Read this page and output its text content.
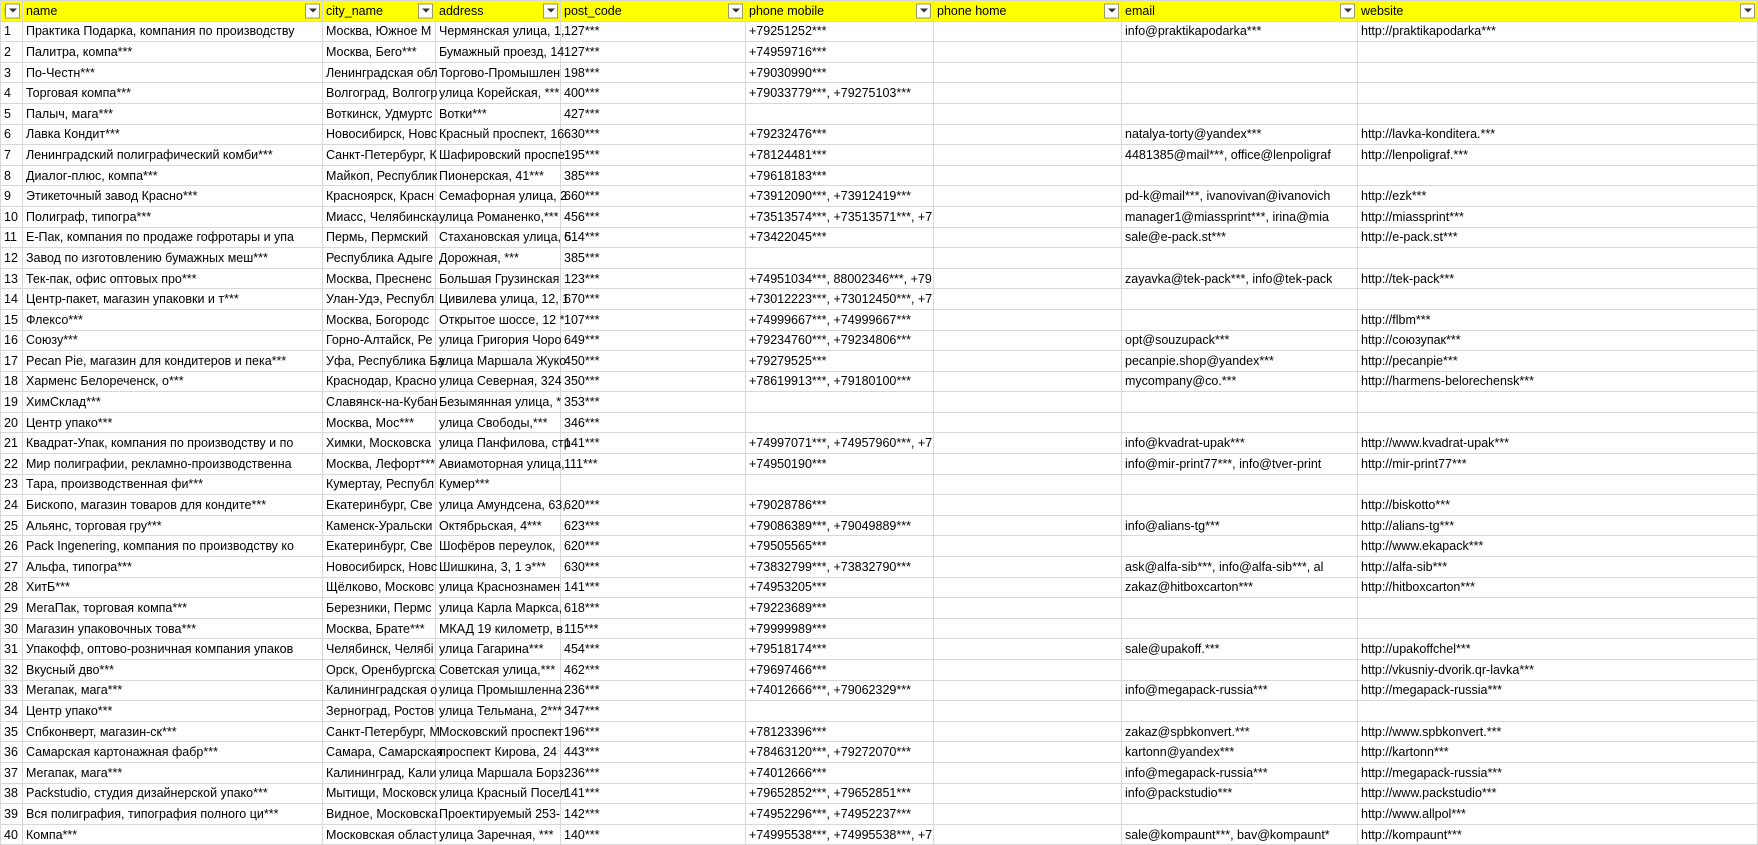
	name	city_name	address	post_code	phone mobile	phone home	email	website

1	Практика Подарка, компания по производству	Москва, Южное М	Чермянская улица, 1,	127***	+79251252***		info@praktikapodarka***	http://praktikapodarka***
2	Палитра, компа***	Москва, Бего***	Бумажный проезд, 14	127***	+74959716***			
3	По-Честн***	Ленинградская обл	Торгово-Промышлен	198***	+79030990***			
4	Торговая компа***	Волгоград, Волгогр	улица Корейская, ***	400***	+79033779***, +79275103***			
5	Палыч, мага***	Воткинск, Удмуртс	Вотки***	427***				
6	Лавка Кондит***	Новосибирск, Новс	Красный проспект, 16	630***	+79232476***		natalya-torty@yandex***	http://lavka-konditera.***
7	Ленинградский полиграфический комби***	Санкт-Петербург, К	Шафировский проспе	195***	+78124481***		4481385@mail***, office@lenpoligraf	http://lenpoligraf.***
8	Диалог-плюс, компа***	Майкоп, Республик	Пионерская, 41***	385***	+79618183***			
9	Этикеточный завод Красно***	Красноярск, Красн	Семафорная улица, 2	660***	+73912090***, +73912419***		pd-k@mail***, ivanovivan@ivanovich	http://ezk***
10	Полиграф, типогра***	Миасс, Челябинска	улица Романенко,***	456***	+73513574***, +73513571***, +7		manager1@miassprint***, irina@mia	http://miassprint***
11	Е-Пак, компания по продаже гофротары и упа	Пермь, Пермский	Стахановская улица, 5	614***	+73422045***		sale@e-pack.st***	http://e-pack.st***
12	Завод по изготовлению бумажных меш***	Республика Адыге	Дорожная, ***	385***				
13	Тек-пак, офис оптовых про***	Москва, Пресненс	Большая Грузинская	123***	+74951034***, 88002346***, +79		zayavka@tek-pack***, info@tek-pack	http://tek-pack***
14	Центр-пакет, магазин упаковки и т***	Улан-Удэ, Республ	Цивилева улица, 12, 1	670***	+73012223***, +73012450***, +7			
15	Флексо***	Москва, Богородс	Открытое шоссе, 12 *	107***	+74999667***, +74999667***			http://flbm***
16	Союзу***	Горно-Алтайск, Ре	улица Григория Чоро	649***	+79234760***, +79234806***		opt@souzupack***	http://союзупак***
17	Pecan Pie, магазин для кондитеров и пека***	Уфа, Республика Ба	улица Маршала Жуко	450***	+79279525***		pecanpie.shop@yandex***	http://pecanpie***
18	Харменс Белореченск, о***	Краснодар, Красно	улица Северная, 324	350***	+78619913***, +79180100***		mycompany@co.***	http://harmens-belorechensk***
19	ХимСклад***	Славянск-на-Кубан	Безымянная улица, *	353***				
20	Центр упако***	Москва, Мос***	улица Свободы,***	346***				
21	Квадрат-Упак, компания по производству и по	Химки, Московска	улица Панфилова, стр	141***	+74997071***, +74957960***, +7		info@kvadrat-upak***	http://www.kvadrat-upak***
22	Мир полиграфии, рекламно-производственна	Москва, Лефорт***	Авиамоторная улица,	111***	+74950190***		info@mir-print77***, info@tver-print	http://mir-print77***
23	Тара, производственная фи***	Кумертау, Республ	Кумер***					
24	Бископо, магазин товаров для кондите***	Екатеринбург, Све	улица Амундсена, 63,	620***	+79028786***			http://biskotto***
25	Альянс, торговая гру***	Каменск-Уральски	Октябрьская, 4***	623***	+79086389***, +79049889***		info@alians-tg***	http://alians-tg***
26	Pack Ingenering, компания по производству ко	Екатеринбург, Све	Шофёров переулок,	620***	+79505565***			http://www.ekapack***
27	Альфа, типогра***	Новосибирск, Новс	Шишкина, 3, 1 э***	630***	+73832799***, +73832790***		ask@alfa-sib***, info@alfa-sib***, al	http://alfa-sib***
28	ХитБ***	Щёлково, Московс	улица Краснознамен	141***	+74953205***		zakaz@hitboxcarton***	http://hitboxcarton***
29	МегаПак, торговая компа***	Березники, Пермс	улица Карла Маркса,	618***	+79223689***			
30	Магазин упаковочных това***	Москва, Брате***	МКАД 19 километр, в	115***	+79999989***			
31	Упакофф, оптово-розничная компания упаков	Челябинск, Челябі	улица Гагарина***	454***	+79518174***		sale@upakoff.***	http://upakoffchel***
32	Вкусный дво***	Орск, Оренбургска	Советская улица,***	462***	+79697466***			http://vkusniy-dvorik.qr-lavka***
33	Мегапак, мага***	Калининградская о	улица Промышленна	236***	+74012666***, +79062329***		info@megapack-russia***	http://megapack-russia***
34	Центр упако***	Зерноград, Ростов	улица Тельмана, 2***	347***				
35	Спбконверт, магазин-ск***	Санкт-Петербург, М	Московский проспект	196***	+78123396***		zakaz@spbkonvert.***	http://www.spbkonvert.***
36	Самарская картонажная фабр***	Самара, Самарская	проспект Кирова, 24	443***	+78463120***, +79272070***		kartonn@yandex***	http://kartonn***
37	Мегапак, мага***	Калининград, Кали	улица Маршала Борз	236***	+74012666***		info@megapack-russia***	http://megapack-russia***
38	Packstudio, студия дизайнерской упако***	Мытищи, Московск	улица Красный Посел	141***	+79652852***, +79652851***		info@packstudio***	http://www.packstudio***
39	Вся полиграфия, типография полного ци***	Видное, Московска	Проектируемый 253-	142***	+74952296***, +74952237***			http://www.allpol***
40	Компа***	Московская област	улица Заречная, ***	140***	+74995538***, +74995538***, +7		sale@kompaunt***, bav@kompaunt*	http://kompaunt***
